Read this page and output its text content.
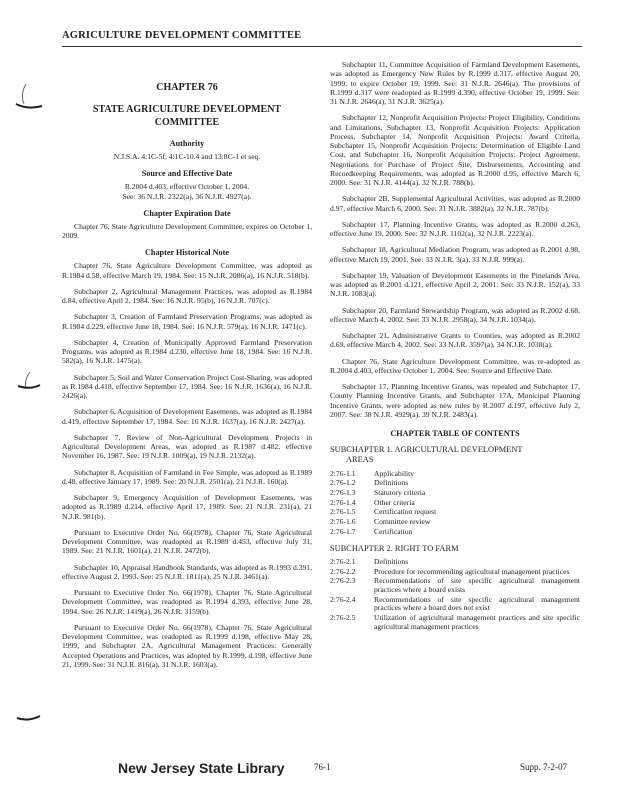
AGRICULTURE DEVELOPMENT COMMITTEE
CHAPTER 76
STATE AGRICULTURE DEVELOPMENT
COMMITTEE
Authority
N.J.S.A. 4:1C-5f, 4:1C-10.4 and 13:8C-1 et seq.
Source and Effective Date
R.2004 d.403, effective October 1, 2004.
See: 36 N.J.R. 2322(a), 36 N.J.R. 4927(a).
Chapter Expiration Date

Chapter 76, State Agriculture Development Committee, expires on October 1, 2009.

Chapter Historical Note

Chapter 76, State Agriculture Development Committee, was adopted as R.1984 d.58, effective March 19, 1984. See: 15 N.J.R. 2086(a), 16 N.J.R. 518(b).

Subchapter 2, Agricultural Management Practices, was adopted as R.1984 d.84, effective April 2, 1984. See: 16 N.J.R. 95(b), 16 N.J.R. 707(c).

Subchapter 3, Creation of Farmland Preservation Programs, was adopted as R.1984 d.229, effective June 18, 1984. See: 16 N.J.R. 579(a), 16 N.J.R. 1471(c).

Subchapter 4, Creation of Municipally Approved Farmland Preservation Programs, was adopted as R.1984 d.230, effective June 18, 1984. See: 16 N.J.R. 582(a), 16 N.J.R. 1475(a).

Subchapter 5, Soil and Water Conservation Project Cost-Sharing, was adopted as R.1984 d.418, effective September 17, 1984. See: 16 N.J.R. 1636(a), 16 N.J.R. 2426(a).

Subchapter 6, Acquisition of Development Easements, was adopted as R.1984 d.419, effective September 17, 1984. See: 16 N.J.R. 1637(a), 16 N.J.R. 2427(a).

Subchapter 7, Review of Non-Agricultural Development Projects in Agricultural Development Areas, was adopted as R.1987 d.482, effective November 16, 1987. See: 19 N.J.R. 1009(a), 19 N.J.R. 2132(a).

Subchapter 8, Acquisition of Farmland in Fee Simple, was adopted as R.1989 d.48, effective January 17, 1989. See: 20 N.J.R. 2501(a), 21 N.J.R. 160(a).

Subchapter 9, Emergency Acquisition of Development Easements, was adopted as R.1989 d.214, effective April 17, 1989. See: 21 N.J.R. 231(a), 21 N.J.R. 981(b).

Pursuant to Executive Order No. 66(1978), Chapter 76, State Agricultural Development Committee, was readopted as R.1989 d.453, effective July 31, 1989. See: 21 N.J.R. 1601(a), 21 N.J.R. 2472(b).

Subchapter 10, Appraisal Handbook Standards, was adopted as R.1993 d.391, effective August 2, 1993. See: 25 N.J.R. 1811(a), 25 N.J.R. 3461(a).

Pursuant to Executive Order No. 66(1978), Chapter 76, State Agricultural Development Committee, was readopted as R.1994 d.393, effective June 28, 1994. See: 26 N.J.R. 1419(a), 26 N.J.R. 3159(b).

Pursuant to Executive Order No. 66(1978), Chapter 76, State Agricultural Development Committee, was readopted as R.1999 d.198, effective May 28, 1999, and Subchapter 2A, Agricultural Management Practices: Generally Accepted Operations and Practices, was adopted by R.1999, d.198, effective June 21, 1999. See: 31 N.J.R. 816(a), 31 N.J.R. 1603(a).

Subchapter 11, Committee Acquisition of Farmland Development Easements, was adopted as Emergency New Rules by R.1999 d.317, effective August 20, 1999, to expire October 19, 1999. See: 31 N.J.R. 2646(a). The provisions of R.1999 d.317 were readopted as R.1999 d.390, effective October 19, 1999. See: 31 N.J.R. 2646(a), 31 N.J.R. 3625(a).

Subchapter 12, Nonprofit Acquisition Projects: Project Eligibility, Conditions and Limitations, Subchapter 13, Nonprofit Acquisition Projects: Application Process, Subchapter 14, Nonprofit Acquisition Projects: Award Criteria, Subchapter 15, Nonprofit Acquisition Projects: Determination of Eligible Land Cost, and Subchapter 16, Nonprofit Acquisition Projects: Project Agreement, Negotiations for Purchase of Project Site, Disbursements, Accounting and Recordkeeping Requirements, was adopted as R.2000 d.95, effective March 6, 2000. See: 31 N.J.R. 4144(a), 32 N.J.R. 788(b).

Subchapter 2B, Supplemental Agricultural Activities, was adopted as R.2000 d.97, effective March 6, 2000. See: 31 N.J.R. 3882(a), 32 N.J.R. 787(b).

Subchapter 17, Planning Incentive Grants, was adopted as R.2000 d.263, effective June 19, 2000. See: 32 N.J.R. 1102(a), 32 N.J.R. 2223(a).

Subchapter 18, Agricultural Mediation Program, was adopted as R.2001 d.98, effective March 19, 2001. See: 33 N.J.R. 3(a), 33 N.J.R. 999(a).

Subchapter 19, Valuation of Development Easements in the Pinelands Area, was adopted as R.2001 d.121, effective April 2, 2001. See: 33 N.J.R. 152(a), 33 N.J.R. 1083(a).

Subchapter 20, Farmland Stewardship Program, was adopted as R.2002 d.68, effective March 4, 2002. See: 33 N.J.R. 2958(a), 34 N.J.R. 1034(a).

Subchapter 21, Administrative Grants to Counties, was adopted as R.2002 d.69, effective March 4, 2002. See: 33 N.J.R. 3597(a), 34 N.J.R. 1038(a).

Chapter 76, State Agriculture Development Committee, was re-adopted as R.2004 d.403, effective October 1, 2004. See: Source and Effective Date.

Subchapter 17, Planning Incentive Grants, was repealed and Subchapter 17, County Planning Incentive Grants, and Subchapter 17A, Municipal Planning Incentive Grants, were adopted as new rules by R.2007 d.197, effective July 2, 2007. See: 38 N.J.R. 4929(a), 39 N.J.R. 2483(a).

CHAPTER TABLE OF CONTENTS
SUBCHAPTER 1. AGRICULTURAL DEVELOPMENT
AREAS
2:76-1.1	Applicability
2:76-1.2	Definitions
2:76-1.3	Statutory criteria
2:76-1.4	Other criteria
2:76-1.5	Certification request
2:76-1.6	Committee review
2:76-1.7	Certification
SUBCHAPTER 2. RIGHT TO FARM
2:76-2.1	Definitions
2:76-2.2	Procedure for recommending agricultural management practices
2:76-2.3	Recommendations of site specific agricultural management practices where a board exists
2:76-2.4	Recommendations of site specific agricultural management practices where a board does not exist
2:76-2.5	Utilization of agricultural management practices and site specific agricultural management practices
New Jersey State Library	76-1	Supp. 7-2-07
